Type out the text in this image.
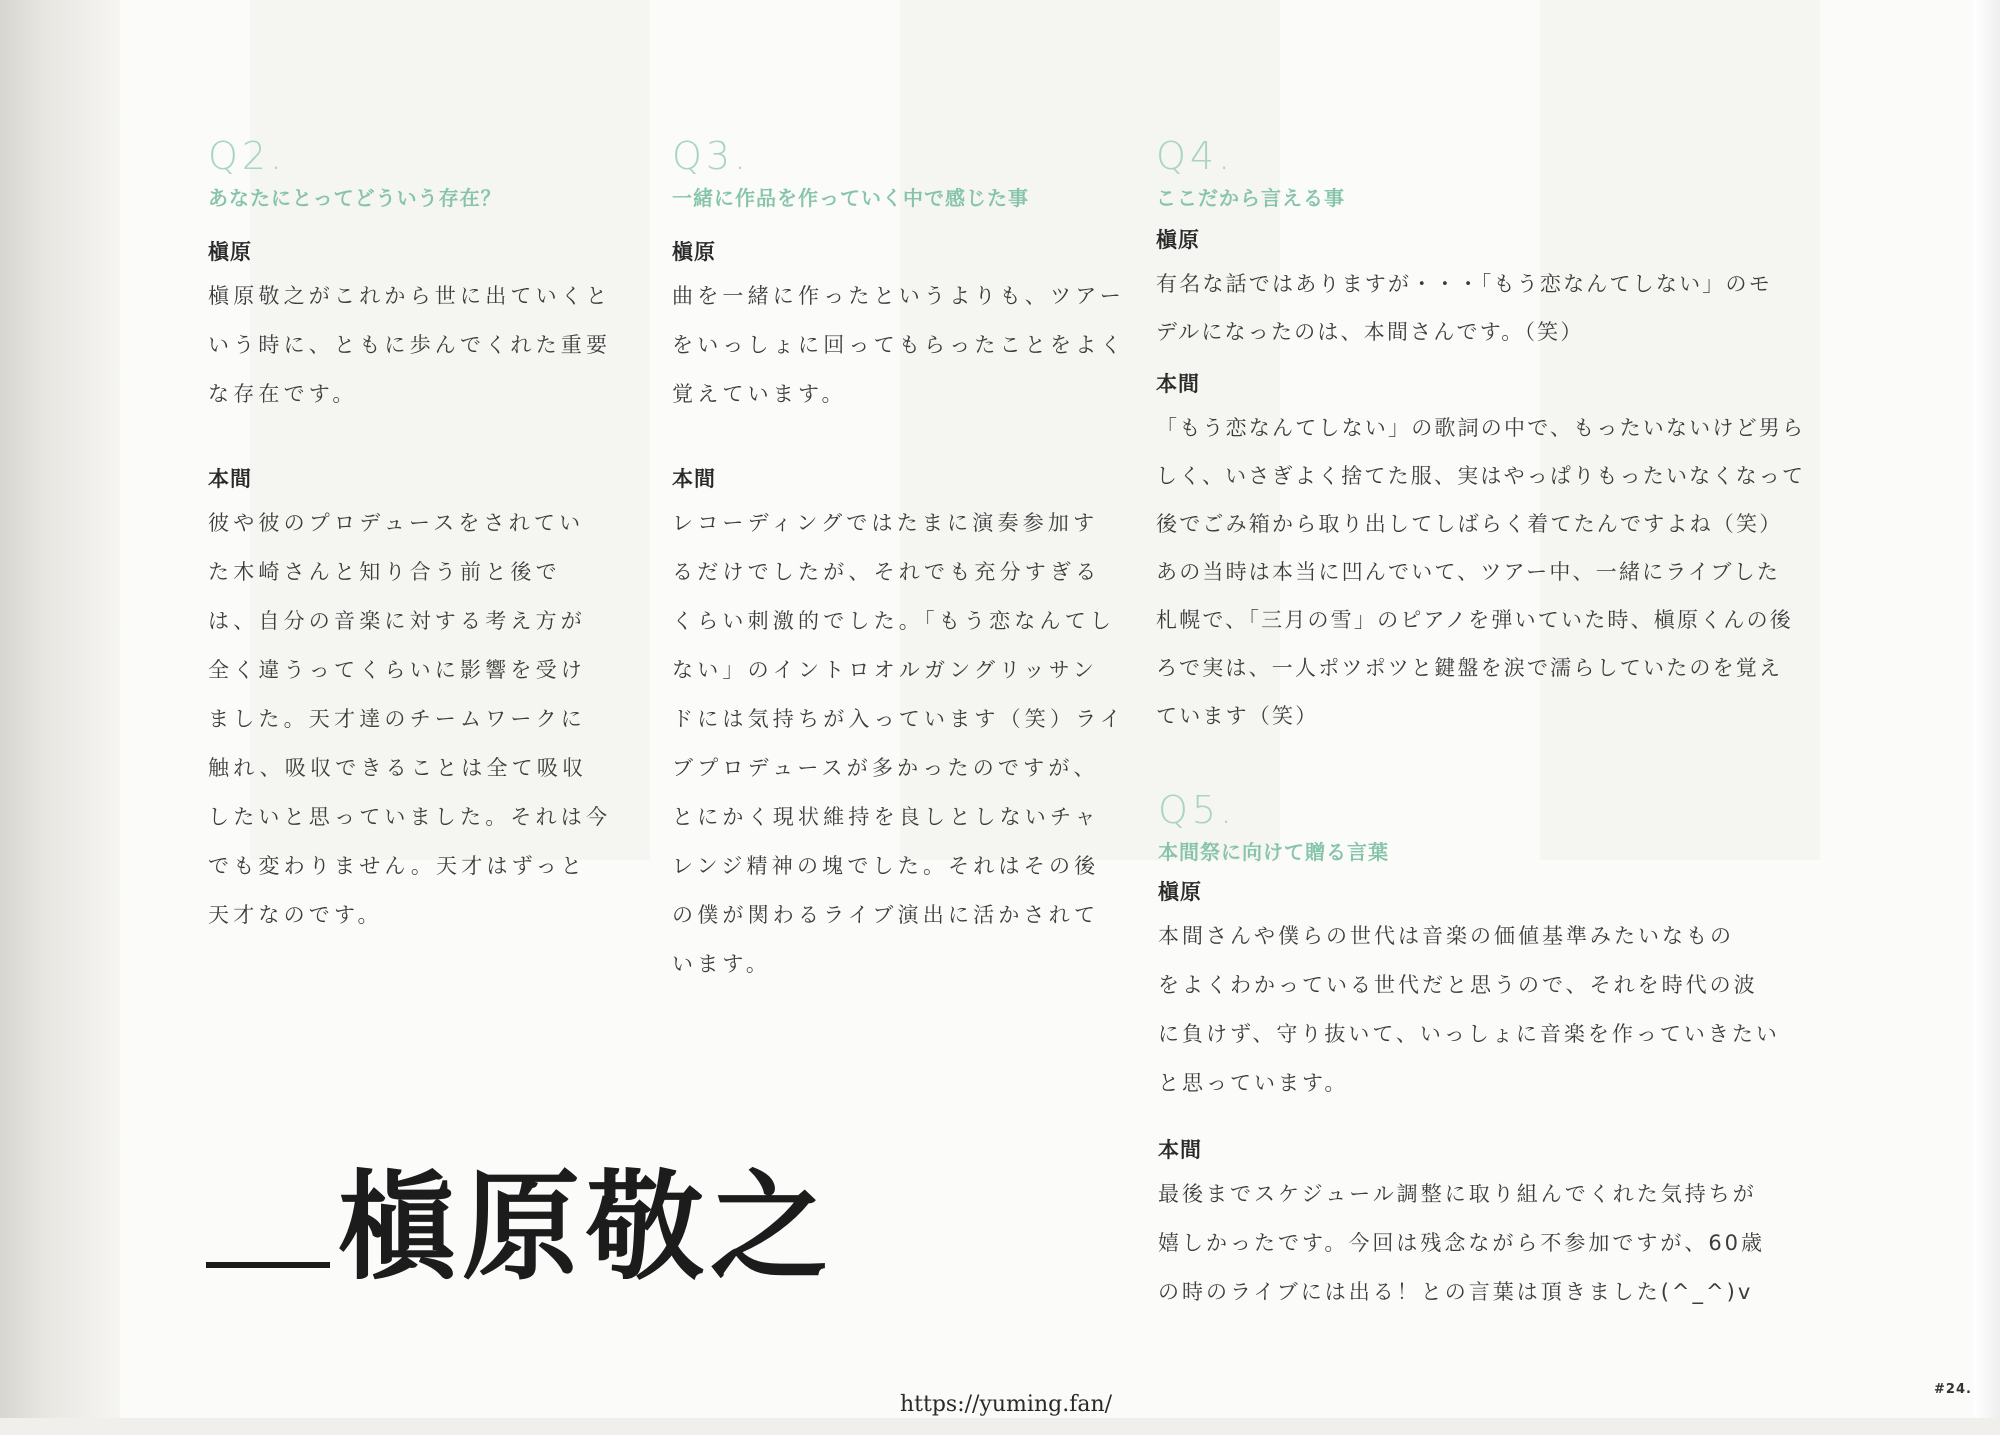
Q2.
あなたにとってどういう存在？
槇原
槇原敬之がこれから世に出ていくと
いう時に、ともに歩んでくれた重要
な存在です。
本間
彼や彼のプロデュースをされてい
た木崎さんと知り合う前と後で
は、自分の音楽に対する考え方が
全く違うってくらいに影響を受け
ました。天才達のチームワークに
触れ、吸収できることは全て吸収
したいと思っていました。それは今
でも変わりません。天才はずっと
天才なのです。
Q3.
一緒に作品を作っていく中で感じた事
槇原
曲を一緒に作ったというよりも、ツアー
をいっしょに回ってもらったことをよく
覚えています。
本間
レコーディングではたまに演奏参加す
るだけでしたが、それでも充分すぎる
くらい刺激的でした。「もう恋なんてし
ない」のイントロオルガングリッサン
ドには気持ちが入っています（笑）ライ
ブプロデュースが多かったのですが、
とにかく現状維持を良しとしないチャ
レンジ精神の塊でした。それはその後
の僕が関わるライブ演出に活かされて
います。
Q4.
ここだから言える事
槇原
有名な話ではありますが・・・「もう恋なんてしない」のモ
デルになったのは、本間さんです。（笑）
本間
「もう恋なんてしない」の歌詞の中で、もったいないけど男ら
しく、いさぎよく捨てた服、実はやっぱりもったいなくなって
後でごみ箱から取り出してしばらく着てたんですよね（笑）
あの当時は本当に凹んでいて、ツアー中、一緒にライブした
札幌で、「三月の雪」のピアノを弾いていた時、槇原くんの後
ろで実は、一人ポツポツと鍵盤を涙で濡らしていたのを覚え
ています（笑）
Q5.
本間祭に向けて贈る言葉
槇原
本間さんや僕らの世代は音楽の価値基準みたいなもの
をよくわかっている世代だと思うので、それを時代の波
に負けず、守り抜いて、いっしょに音楽を作っていきたい
と思っています。
本間
最後までスケジュール調整に取り組んでくれた気持ちが
嬉しかったです。今回は残念ながら不参加ですが、60歳
の時のライブには出る！との言葉は頂きました(^_^)v
槇原敬之
#24.
https://yuming.fan/
